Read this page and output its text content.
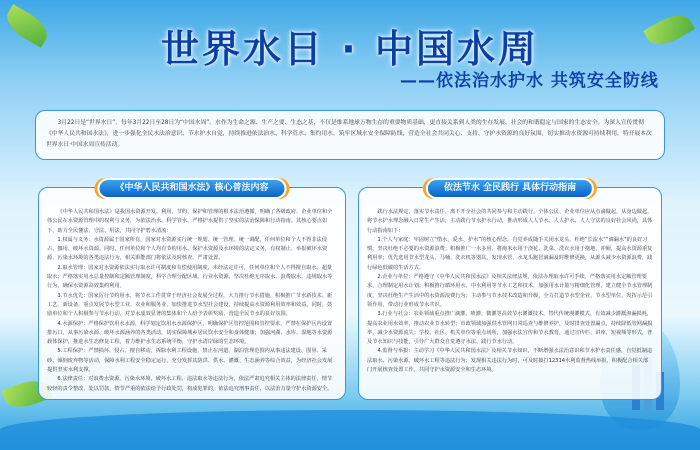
世界水日 · 中国水周
——依法治水护水 共筑安全防线
3月22日是“世界水日”，每年3月22日至28日为“中国水周”。水作为生命之源、生产之要、生态之基，不仅是维系地球万物生存的重要物质基础，更直接关系到人类的生存发展、社会的和谐稳定与国家的生态安全。为深入宣传贯彻《中华人民共和国水法》，进一步强化全民水法治意识、节水护水自觉，持续推进依法治水、科学管水、集约用水，筑牢区域水安全保障防线，营造全社会共同关心、支持、守护水资源的良好氛围，切实推动水资源可持续利用，特开展本次世界水日·中国水周宣传活动。
《中华人民共和国水法》核心普法内容

《中华人民共和国水法》是我国水资源开发、利用、节约、保护和管理的根本法治遵循，明确了各级政府、企业单位和全体公民在水资源管理中的权利与义务，为依法治水、科学管水、严格护水提供了坚实的法治保障和行动指南。其核心要点如下，助力全民懂法、守法、用法，共同守护碧水清流：

1.权属与义务：水资源属于国家所有，国家对水资源实行统一规划、统一管理、统一调配，任何单位和个人不得非法侵占、挪用、破坏水资源。同时，任何单位和个人均有节约用水、保护水资源及水环境的法定义务，有权制止、举报破坏水资源、污染水环境的各类违法行为，相关职能部门将依法及时核查、严肃处置。

2.取水管理：国家对水资源依法实行取水许可制度和有偿使用制度，未经法定许可，任何单位和个人不得擅自取水、超量取水；严格落实用水总量控制和定额管理制度，科学合理分配区域、行业水资源，坚决杜绝无序取水、浪费取水、违规取水等行为，确保水资源高效集约利用。

3.节水优先：国家厉行节约用水，将节水工作贯穿于经济社会发展全过程，大力推行节水措施，积极推广节水新技术、新工艺、新设备，重点发展节水型工业、农业和服务业，加快推进节水型社会建设，持续提高水资源利用效率和效益。同时，鼓励单位和个人积极参与节水行动，对节水成效显著的集体和个人给予表彰奖励，营造全民节水的良好氛围。

4.水源保护：严格保护饮用水水源，科学划定饮用水水源保护区，明确保护区管控范围和管控要求，严禁在保护区内设置排污口、从事污染水源、破坏水源涵养的各类活动，切实保障城乡居民饮水安全和身体健康；加强河湖、水库、湿地等水资源载体保护，推进水生态修复工程，着力维护水生态系统平衡，守护水清岸绿的生态环境。

5.工程保护：严禁损坏、侵占、擅自移动、拆除水利工程设施，禁止在河道、湖泊管理范围内从事违法建设、围垦、采砂、倾倒废弃物等活动，保障水利工程安全稳定运行，充分发挥其防洪、供水、灌溉、生态涵养等综合效益，为经济社会发展提供坚实水利支撑。

6.法律责任：对浪费水资源、污染水环境、破坏水工程、违法取水等违法行为，依法严肃追究相关主体的法律责任，情节较轻的责令整改、处以罚款，情节严重的依法给予行政处罚，构成犯罪的，依法追究刑事责任，以法治力量守护水资源安全。

依法节水 全民践行 具体行动指南

践行水法规定，落实节水责任，离不开全社会的共同参与和主动践行。全体公民、企业单位应从点滴做起、从身边做起，将节水护水理念融入日常生产生活，主动践行节水护水行动，推动形成人人节水、人人护水、人人守法的良好社会风尚，具体行动指南如下：

1.个人与家庭：牢固树立“惜水、爱水、护水”的核心理念，自觉养成随手关闭水龙头、杜绝“长流水”“滴漏水”的良好习惯，坚决杜绝不必要的水资源浪费；积极推广一水多用，将淘米水用于浇花、洗菜、洗衣水用于拖地、冲厕，提高水资源重复利用率；优先选用节水型龙头、马桶、洗衣机等器具，发现水管、水龙头跑冒滴漏及时维修更换，从源头减少水资源浪费，践行绿色低碳的生活方式。

2.企业与单位：严格遵守《中华人民共和国水法》及相关法律法规，依法办理取水许可手续，严格落实用水定额管理要求，合理制定用水计划；积极推行循环用水、中水利用等节水工艺和技术，加强用水计量与精细化管理，建立健全节水管理制度，坚决杜绝生产生活中的水资源浪费行为；主动参与节水技术改造和升级，全力打造节水型企业、节水型单位，发挥示范引领作用，带动行业形成节水共识。

3.行业与社会：农业领域重点推广滴灌、喷灌、微灌等高效节水灌溉技术，替代传统漫灌模式，有效减少灌溉渗漏损耗，提高农业用水效率，推动农业节水转型；市政领域加强供水管网日常巡查与维修养护，及时排查处置漏点，持续降低管网漏损率，减少水资源流失；学校、社区、机关单位等重点场所，加强水法宣传和节水教育，通过宣传栏、讲座、短视频等形式，普及节水知识与技能，引导广大群众自觉遵守水法、践行节水行动。

4.监督与举报：主动学习《中华人民共和国水法》及相关节水知识，不断增强水法治意识和节水护水责任感，自觉抵制违法取水、污染水源、破坏水工程等违法行为；发现相关违法行为时，可及时拨打12314水利监督热线举报，积极配合相关部门开展核查处置工作，共同守护水资源安全和生态环境。
